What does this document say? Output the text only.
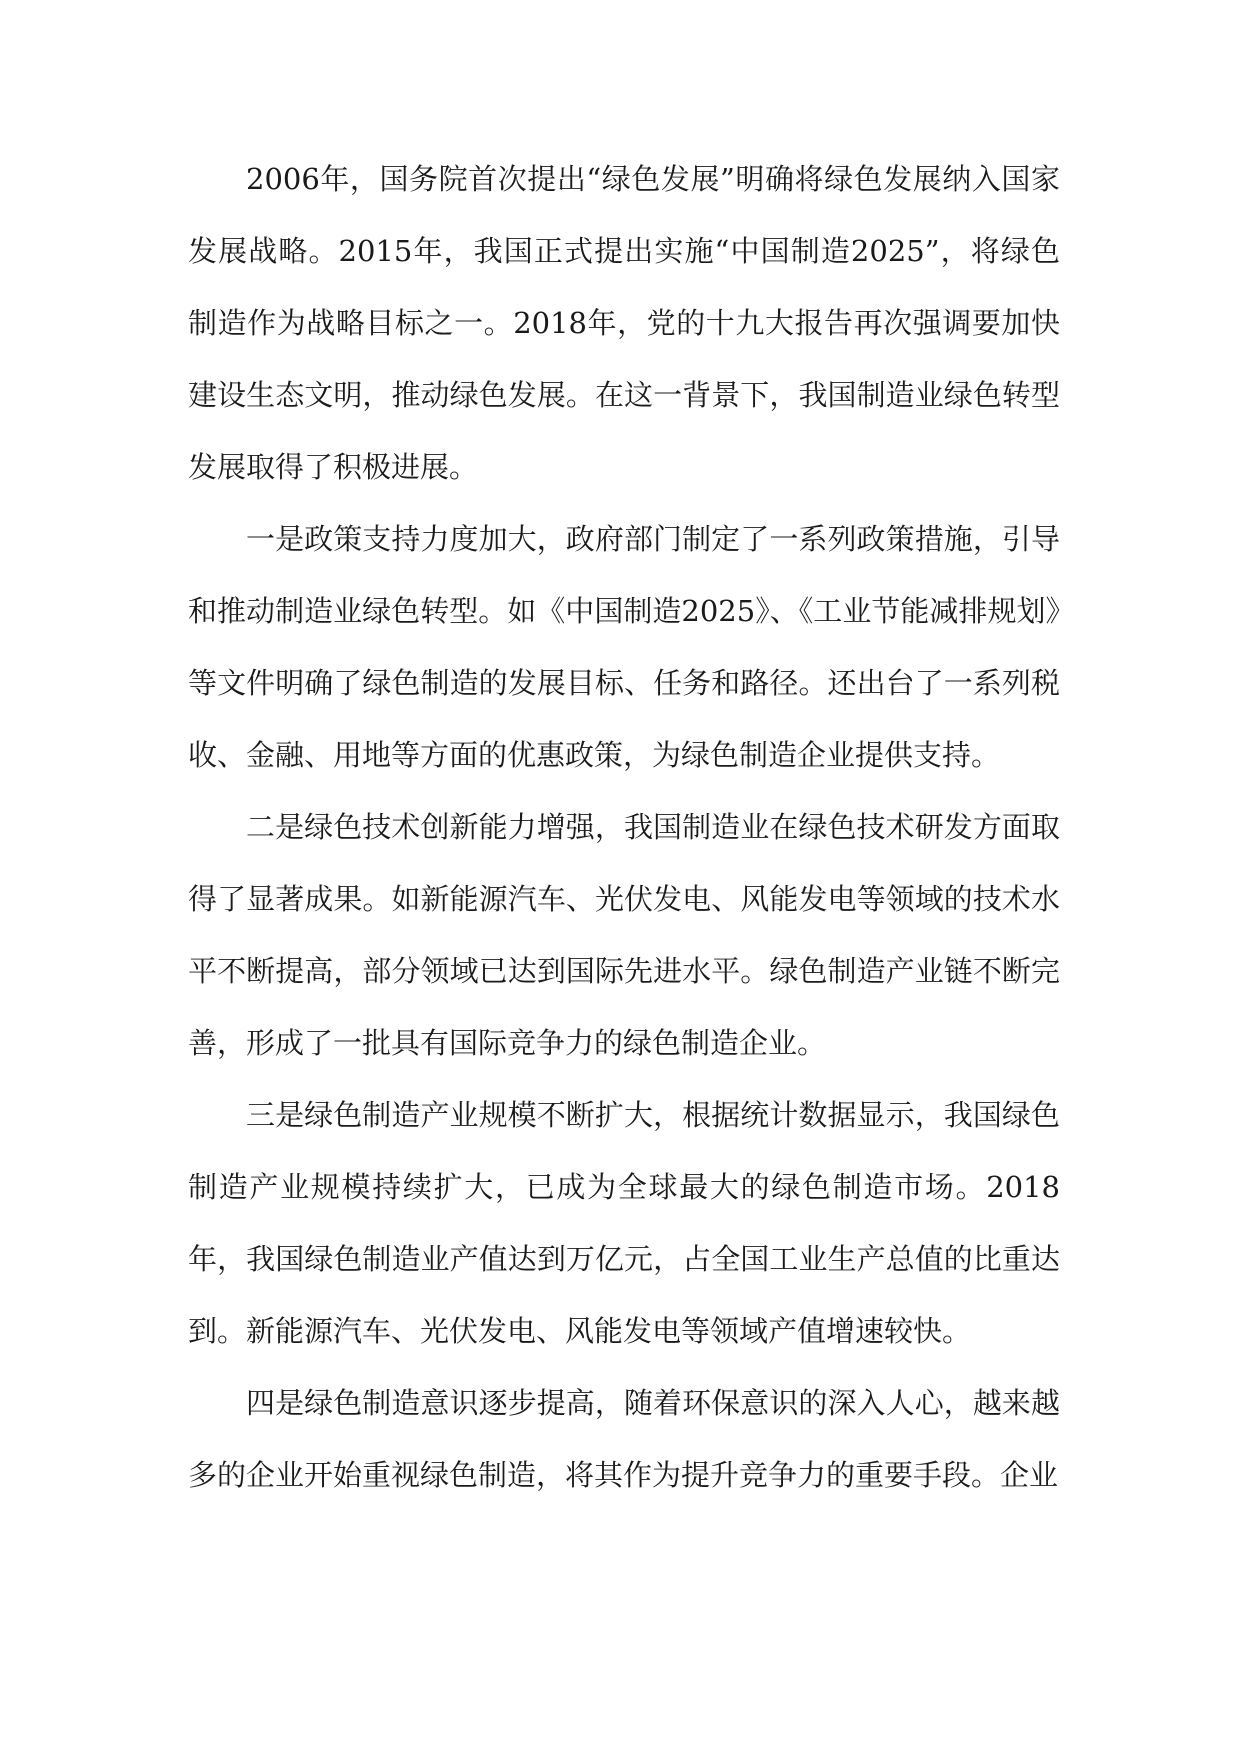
2006年，国务院首次提出“绿色发展”明确将绿色发展纳入国家发展战略。2015年，我国正式提出实施“中国制造2025”，将绿色制造作为战略目标之一。2018年，党的十九大报告再次强调要加快建设生态文明，推动绿色发展。在这一背景下，我国制造业绿色转型发展取得了积极进展。

一是政策支持力度加大，政府部门制定了一系列政策措施，引导和推动制造业绿色转型。如《中国制造2025》、《工业节能减排规划》等文件明确了绿色制造的发展目标、任务和路径。还出台了一系列税收、金融、用地等方面的优惠政策，为绿色制造企业提供支持。

二是绿色技术创新能力增强，我国制造业在绿色技术研发方面取得了显著成果。如新能源汽车、光伏发电、风能发电等领域的技术水平不断提高，部分领域已达到国际先进水平。绿色制造产业链不断完善，形成了一批具有国际竞争力的绿色制造企业。

三是绿色制造产业规模不断扩大，根据统计数据显示，我国绿色制造产业规模持续扩大，已成为全球最大的绿色制造市场。2018年，我国绿色制造业产值达到万亿元，占全国工业生产总值的比重达到。新能源汽车、光伏发电、风能发电等领域产值增速较快。

四是绿色制造意识逐步提高，随着环保意识的深入人心，越来越多的企业开始重视绿色制造，将其作为提升竞争力的重要手段。企业
